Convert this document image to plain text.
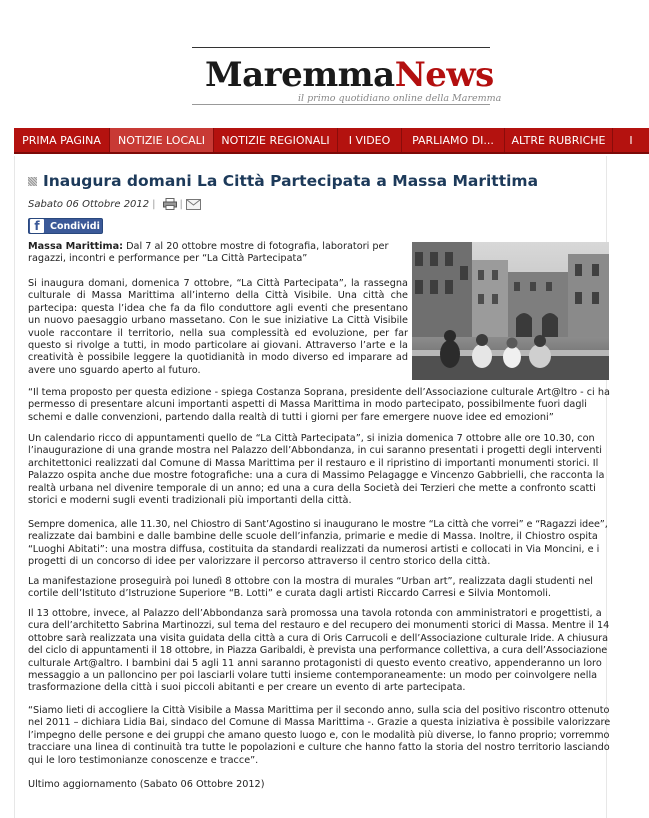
MaremmaNews
il primo quotidiano online della Maremma
PRIMA PAGINA	NOTIZIE LOCALI	NOTIZIE REGIONALI	I VIDEO	PARLIAMO DI...	ALTRE RUBRICHE	I
Inaugura domani La Città Partecipata a Massa Marittima
Sabato 06 Ottobre 2012 | |
f	Condividi
Massa Marittima: Dal 7 al 20 ottobre mostre di fotografia, laboratori per
ragazzi, incontri e performance per “La Città Partecipata”
Si inaugura domani, domenica 7 ottobre, “La Città Partecipata”, la rassegna
culturale di Massa Marittima all’interno della Città Visibile. Una città che
partecipa: questa l’idea che fa da filo conduttore agli eventi che presentano
un nuovo paesaggio urbano massetano. Con le sue iniziative La Città Visibile
vuole raccontare il territorio, nella sua complessità ed evoluzione, per far
questo si rivolge a tutti, in modo particolare ai giovani. Attraverso l’arte e la
creatività è possibile leggere la quotidianità in modo diverso ed imparare ad
avere uno sguardo aperto al futuro.
“Il tema proposto per questa edizione - spiega Costanza Soprana, presidente dell’Associazione culturale Art@ltro - ci ha
permesso di presentare alcuni importanti aspetti di Massa Marittima in modo partecipato, possibilmente fuori dagli
schemi e dalle convenzioni, partendo dalla realtà di tutti i giorni per fare emergere nuove idee ed emozioni”
Un calendario ricco di appuntamenti quello de “La Città Partecipata”, si inizia domenica 7 ottobre alle ore 10.30, con
l’inaugurazione di una grande mostra nel Palazzo dell’Abbondanza, in cui saranno presentati i progetti degli interventi
architettonici realizzati dal Comune di Massa Marittima per il restauro e il ripristino di importanti monumenti storici. Il
Palazzo ospita anche due mostre fotografiche: una a cura di Massimo Pelagagge e Vincenzo Gabbrielli, che racconta la
realtà urbana nel divenire temporale di un anno; ed una a cura della Società dei Terzieri che mette a confronto scatti
storici e moderni sugli eventi tradizionali più importanti della città.
Sempre domenica, alle 11.30, nel Chiostro di Sant’Agostino si inaugurano le mostre “La città che vorrei” e “Ragazzi idee”,
realizzate dai bambini e dalle bambine delle scuole dell’infanzia, primarie e medie di Massa. Inoltre, il Chiostro ospita
“Luoghi Abitati”: una mostra diffusa, costituita da standardi realizzati da numerosi artisti e collocati in Via Moncini, e i
progetti di un concorso di idee per valorizzare il percorso attraverso il centro storico della città.
La manifestazione proseguirà poi lunedì 8 ottobre con la mostra di murales “Urban art”, realizzata dagli studenti nel
cortile dell’Istituto d’Istruzione Superiore “B. Lotti” e curata dagli artisti Riccardo Carresi e Silvia Montomoli.
Il 13 ottobre, invece, al Palazzo dell’Abbondanza sarà promossa una tavola rotonda con amministratori e progettisti, a
cura dell’architetto Sabrina Martinozzi, sul tema del restauro e del recupero dei monumenti storici di Massa. Mentre il 14
ottobre sarà realizzata una visita guidata della città a cura di Oris Carrucoli e dell’Associazione culturale Iride. A chiusura
del ciclo di appuntamenti il 18 ottobre, in Piazza Garibaldi, è prevista una performance collettiva, a cura dell’Associazione
culturale Art@altro. I bambini dai 5 agli 11 anni saranno protagonisti di questo evento creativo, appenderanno un loro
messaggio a un palloncino per poi lasciarli volare tutti insieme contemporaneamente: un modo per coinvolgere nella
trasformazione della città i suoi piccoli abitanti e per creare un evento di arte partecipata.
“Siamo lieti di accogliere la Città Visibile a Massa Marittima per il secondo anno, sulla scia del positivo riscontro ottenuto
nel 2011 – dichiara Lidia Bai, sindaco del Comune di Massa Marittima -. Grazie a questa iniziativa è possibile valorizzare
l’impegno delle persone e dei gruppi che amano questo luogo e, con le modalità più diverse, lo fanno proprio; vorremmo
tracciare una linea di continuità tra tutte le popolazioni e culture che hanno fatto la storia del nostro territorio lasciando
qui le loro testimonianze conoscenze e tracce”.
Ultimo aggiornamento (Sabato 06 Ottobre 2012)
